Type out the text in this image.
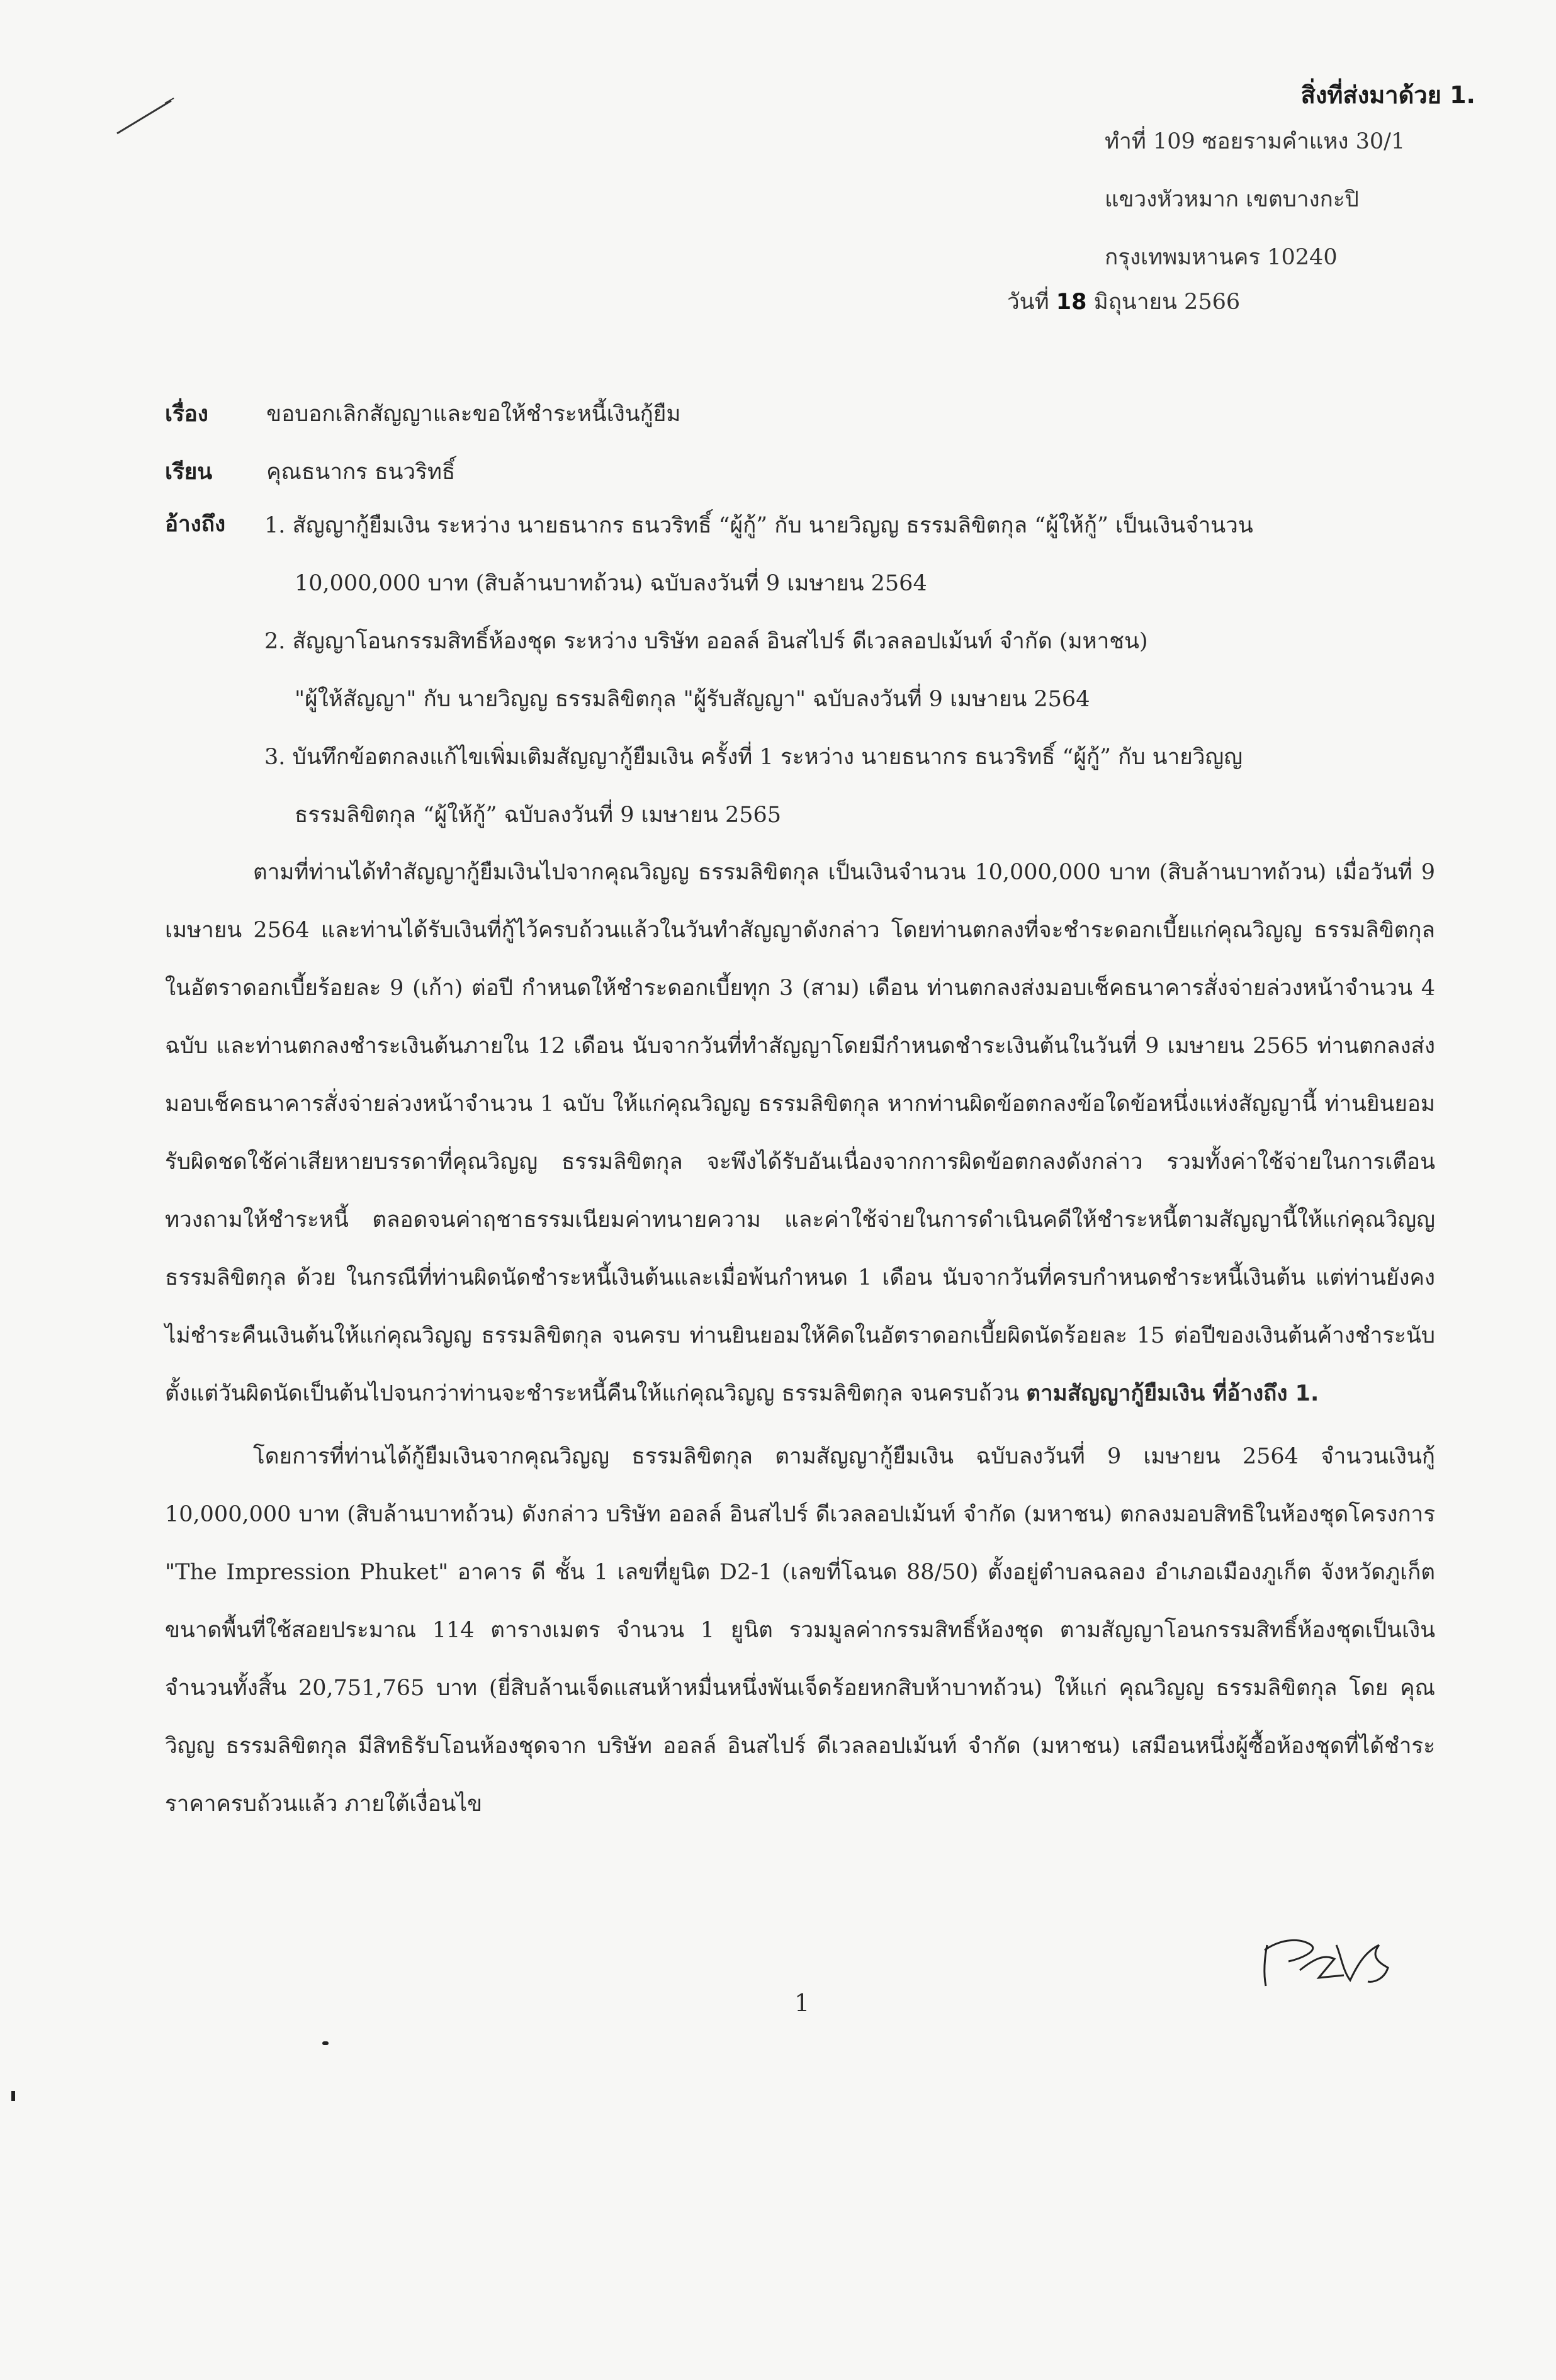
สิ่งที่ส่งมาด้วย 1.
ทำที่ 109 ซอยรามคำแหง 30/1
แขวงหัวหมาก เขตบางกะปิ
กรุงเทพมหานคร 10240
วันที่ 18 มิถุนายน 2566
เรื่อง	ขอบอกเลิกสัญญาและขอให้ชำระหนี้เงินกู้ยืม
เรียน คุณธนากร ธนวริทธิ์
อ้างถึง	1. สัญญากู้ยืมเงิน ระหว่าง นายธนากร ธนวริทธิ์ “ผู้กู้” กับ นายวิญญ ธรรมลิขิตกุล “ผู้ให้กู้” เป็นเงินจำนวน
10,000,000 บาท (สิบล้านบาทถ้วน) ฉบับลงวันที่ 9 เมษายน 2564
2. สัญญาโอนกรรมสิทธิ์ห้องชุด ระหว่าง บริษัท ออลล์ อินสไปร์ ดีเวลลอปเม้นท์ จำกัด (มหาชน)
"ผู้ให้สัญญา" กับ นายวิญญ ธรรมลิขิตกุล "ผู้รับสัญญา" ฉบับลงวันที่ 9 เมษายน 2564
3. บันทึกข้อตกลงแก้ไขเพิ่มเติมสัญญากู้ยืมเงิน ครั้งที่ 1 ระหว่าง นายธนากร ธนวริทธิ์ “ผู้กู้” กับ นายวิญญ
ธรรมลิขิตกุล “ผู้ให้กู้” ฉบับลงวันที่ 9 เมษายน 2565

ตามที่ท่านได้ทำสัญญากู้ยืมเงินไปจากคุณวิญญ ธรรมลิขิตกุล เป็นเงินจำนวน 10,000,000 บาท (สิบล้านบาทถ้วน) เมื่อวันที่ 9 เมษายน 2564 และท่านได้รับเงินที่กู้ไว้ครบถ้วนแล้วในวันทำสัญญาดังกล่าว โดยท่านตกลงที่จะชำระดอกเบี้ยแก่คุณวิญญ ธรรมลิขิตกุล ในอัตราดอกเบี้ยร้อยละ 9 (เก้า) ต่อปี กำหนดให้ชำระดอกเบี้ยทุก 3 (สาม) เดือน ท่านตกลงส่งมอบเช็คธนาคารสั่งจ่ายล่วงหน้าจำนวน 4 ฉบับ และท่านตกลงชำระเงินต้นภายใน 12 เดือน นับจากวันที่ทำสัญญาโดยมีกำหนดชำระเงินต้นในวันที่ 9 เมษายน 2565 ท่านตกลงส่งมอบเช็คธนาคารสั่งจ่ายล่วงหน้าจำนวน 1 ฉบับ ให้แก่คุณวิญญ ธรรมลิขิตกุล หากท่านผิดข้อตกลงข้อใดข้อหนึ่งแห่งสัญญานี้ ท่านยินยอมรับผิดชดใช้ค่าเสียหายบรรดาที่คุณวิญญ ธรรมลิขิตกุล จะพึงได้รับอันเนื่องจากการผิดข้อตกลงดังกล่าว รวมทั้งค่าใช้จ่ายในการเตือน ทวงถามให้ชำระหนี้ ตลอดจนค่าฤชาธรรมเนียมค่าทนายความ และค่าใช้จ่ายในการดำเนินคดีให้ชำระหนี้ตามสัญญานี้ให้แก่คุณวิญญ ธรรมลิขิตกุล ด้วย ในกรณีที่ท่านผิดนัดชำระหนี้เงินต้นและเมื่อพ้นกำหนด 1 เดือน นับจากวันที่ครบกำหนดชำระหนี้เงินต้น แต่ท่านยังคงไม่ชำระคืนเงินต้นให้แก่คุณวิญญ ธรรมลิขิตกุล จนครบ ท่านยินยอมให้คิดในอัตราดอกเบี้ยผิดนัดร้อยละ 15 ต่อปีของเงินต้นค้างชำระนับตั้งแต่วันผิดนัดเป็นต้นไปจนกว่าท่านจะชำระหนี้คืนให้แก่คุณวิญญ ธรรมลิขิตกุล จนครบถ้วน ตามสัญญากู้ยืมเงิน ที่อ้างถึง 1.

โดยการที่ท่านได้กู้ยืมเงินจากคุณวิญญ ธรรมลิขิตกุล ตามสัญญากู้ยืมเงิน ฉบับลงวันที่ 9 เมษายน 2564 จำนวนเงินกู้ 10,000,000 บาท (สิบล้านบาทถ้วน) ดังกล่าว บริษัท ออลล์ อินสไปร์ ดีเวลลอปเม้นท์ จำกัด (มหาชน) ตกลงมอบสิทธิในห้องชุดโครงการ "The Impression Phuket" อาคาร ดี ชั้น 1 เลขที่ยูนิต D2-1 (เลขที่โฉนด 88/50) ตั้งอยู่ตำบลฉลอง อำเภอเมืองภูเก็ต จังหวัดภูเก็ต ขนาดพื้นที่ใช้สอยประมาณ 114 ตารางเมตร จำนวน 1 ยูนิต รวมมูลค่ากรรมสิทธิ์ห้องชุด ตามสัญญาโอนกรรมสิทธิ์ห้องชุดเป็นเงินจำนวนทั้งสิ้น 20,751,765 บาท (ยี่สิบล้านเจ็ดแสนห้าหมื่นหนึ่งพันเจ็ดร้อยหกสิบห้าบาทถ้วน) ให้แก่ คุณวิญญ ธรรมลิขิตกุล โดย คุณวิญญ ธรรมลิขิตกุล มีสิทธิรับโอนห้องชุดจาก บริษัท ออลล์ อินสไปร์ ดีเวลลอปเม้นท์ จำกัด (มหาชน) เสมือนหนึ่งผู้ซื้อห้องชุดที่ได้ชำระราคาครบถ้วนแล้ว ภายใต้เงื่อนไข

1
